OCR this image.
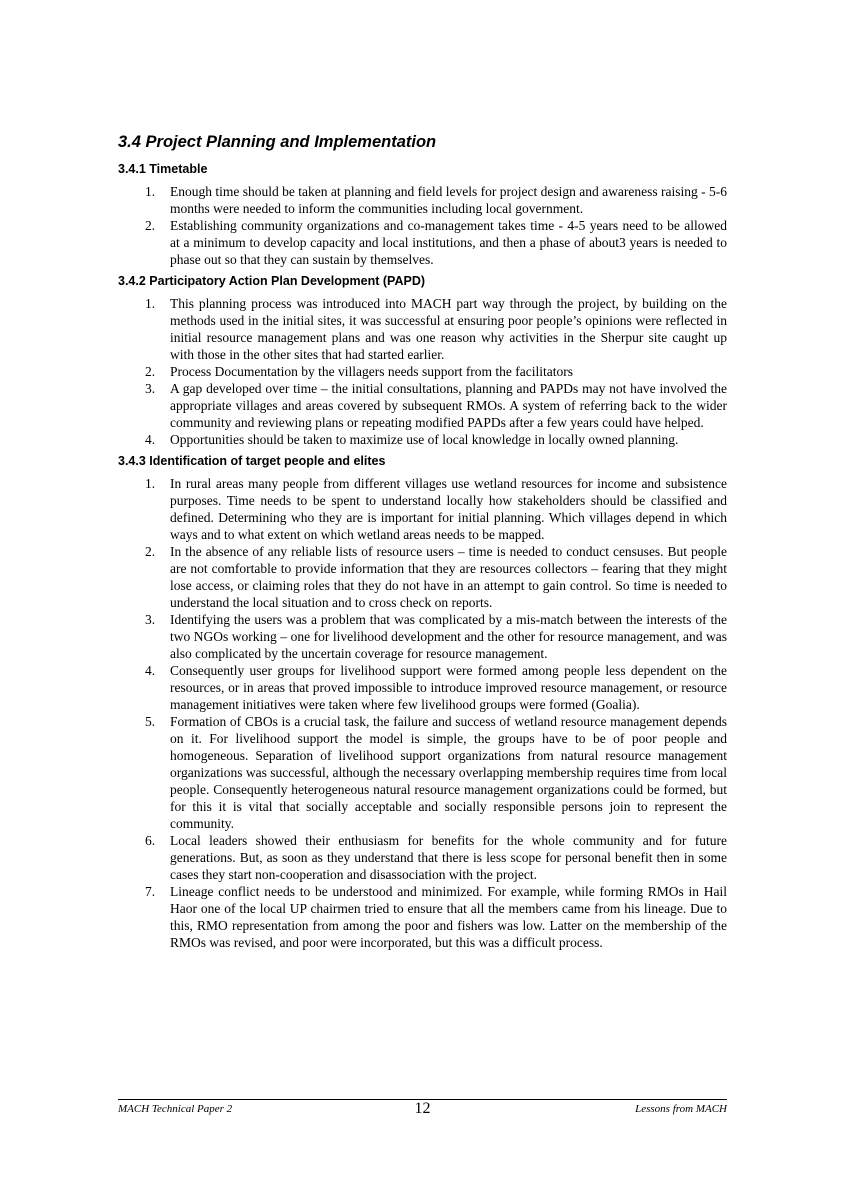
3.4 Project Planning and Implementation
3.4.1 Timetable
1. Enough time should be taken at planning and field levels for project design and awareness raising - 5-6 months were needed to inform the communities including local government.
2. Establishing community organizations and co-management takes time - 4-5 years need to be allowed at a minimum to develop capacity and local institutions, and then a phase of about3 years is needed to phase out so that they can sustain by themselves.
3.4.2 Participatory Action Plan Development (PAPD)
1. This planning process was introduced into MACH part way through the project, by building on the methods used in the initial sites, it was successful at ensuring poor people’s opinions were reflected in initial resource management plans and was one reason why activities in the Sherpur site caught up with those in the other sites that had started earlier.
2. Process Documentation by the villagers needs support from the facilitators
3. A gap developed over time – the initial consultations, planning and PAPDs may not have involved the appropriate villages and areas covered by subsequent RMOs. A system of referring back to the wider community and reviewing plans or repeating modified PAPDs after a few years could have helped.
4. Opportunities should be taken to maximize use of local knowledge in locally owned planning.
3.4.3 Identification of target people and elites
1. In rural areas many people from different villages use wetland resources for income and subsistence purposes. Time needs to be spent to understand locally how stakeholders should be classified and defined. Determining who they are is important for initial planning. Which villages depend in which ways and to what extent on which wetland areas needs to be mapped.
2. In the absence of any reliable lists of resource users – time is needed to conduct censuses. But people are not comfortable to provide information that they are resources collectors – fearing that they might lose access, or claiming roles that they do not have in an attempt to gain control. So time is needed to understand the local situation and to cross check on reports.
3. Identifying the users was a problem that was complicated by a mis-match between the interests of the two NGOs working – one for livelihood development and the other for resource management, and was also complicated by the uncertain coverage for resource management.
4. Consequently user groups for livelihood support were formed among people less dependent on the resources, or in areas that proved impossible to introduce improved resource management, or resource management initiatives were taken where few livelihood groups were formed (Goalia).
5. Formation of CBOs is a crucial task, the failure and success of wetland resource management depends on it. For livelihood support the model is simple, the groups have to be of poor people and homogeneous. Separation of livelihood support organizations from natural resource management organizations was successful, although the necessary overlapping membership requires time from local people. Consequently heterogeneous natural resource management organizations could be formed, but for this it is vital that socially acceptable and socially responsible persons join to represent the community.
6. Local leaders showed their enthusiasm for benefits for the whole community and for future generations. But, as soon as they understand that there is less scope for personal benefit then in some cases they start non-cooperation and disassociation with the project.
7. Lineage conflict needs to be understood and minimized. For example, while forming RMOs in Hail Haor one of the local UP chairmen tried to ensure that all the members came from his lineage. Due to this, RMO representation from among the poor and fishers was low. Latter on the membership of the RMOs was revised, and poor were incorporated, but this was a difficult process.
12
MACH Technical Paper 2	Lessons from MACH
